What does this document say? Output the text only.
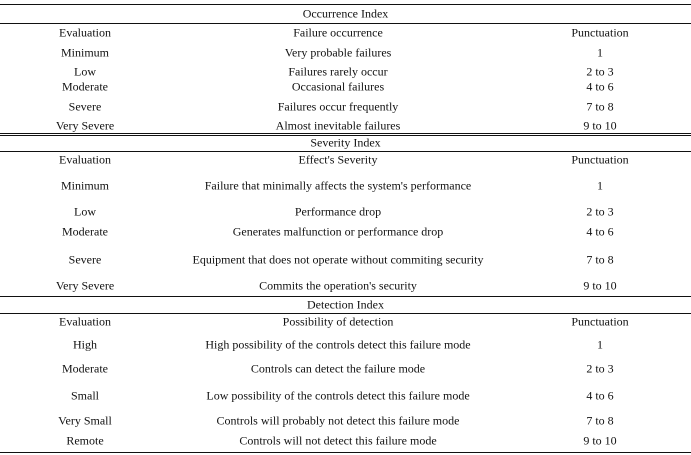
Occurrence Index
Evaluation	Failure occurrence	Punctuation
Minimum	Very probable failures	1
Low	Failures rarely occur	2 to 3
Moderate	Occasional failures	4 to 6
Severe	Failures occur frequently	7 to 8
Very Severe	Almost inevitable failures	9 to 10
Severity Index
Evaluation	Effect's Severity	Punctuation
Minimum	Failure that minimally affects the system's performance	1
Low	Performance drop	2 to 3
Moderate	Generates malfunction or performance drop	4 to 6
Severe	Equipment that does not operate without commiting security	7 to 8
Very Severe	Commits the operation's security	9 to 10
Detection Index
Evaluation	Possibility of detection	Punctuation
High	High possibility of the controls detect this failure mode	1
Moderate	Controls can detect the failure mode	2 to 3
Small	Low possibility of the controls detect this failure mode	4 to 6
Very Small	Controls will probably not detect this failure mode	7 to 8
Remote	Controls will not detect this failure mode	9 to 10
